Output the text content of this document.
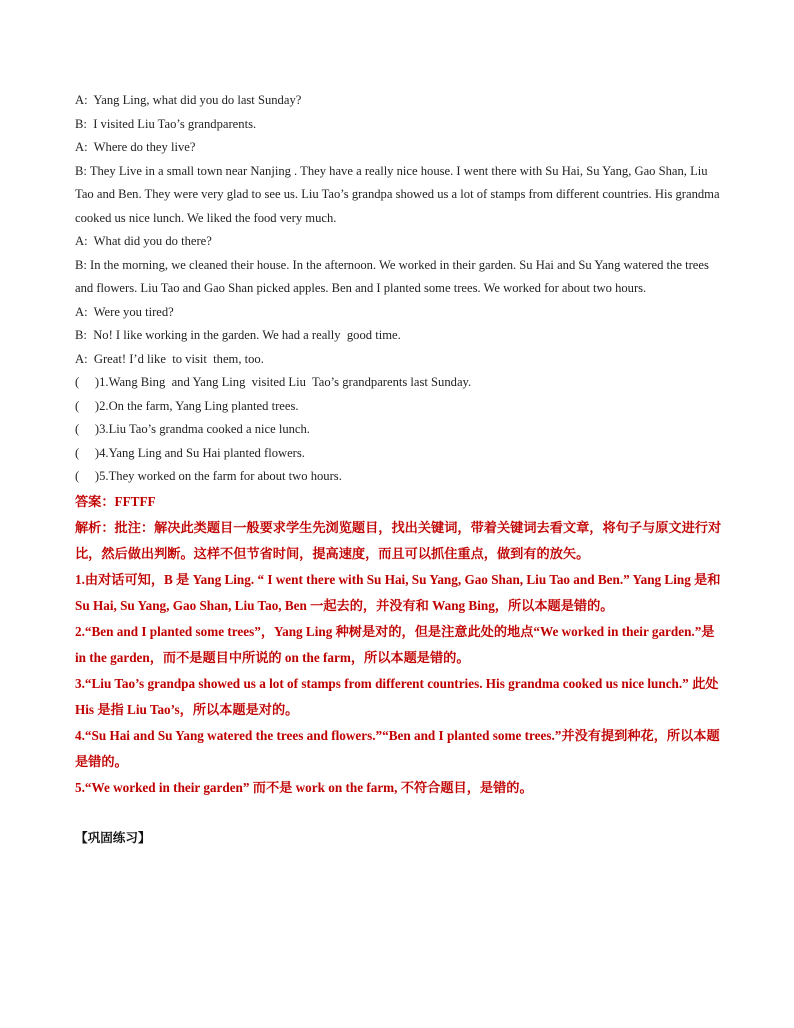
A:  Yang Ling, what did you do last Sunday?
B:  I visited Liu Tao’s grandparents.
A:  Where do they live?
B: They Live in a small town near Nanjing . They have a really nice house. I went there with Su Hai, Su Yang, Gao Shan, Liu Tao and Ben. They were very glad to see us. Liu Tao’s grandpa showed us a lot of stamps from different countries. His grandma cooked us nice lunch. We liked the food very much.
A:  What did you do there?
B: In the morning, we cleaned their house. In the afternoon. We worked in their garden. Su Hai and Su Yang watered the trees and flowers. Liu Tao and Gao Shan picked apples. Ben and I planted some trees. We worked for about two hours.
A:  Were you tired?
B:  No! I like working in the garden. We had a really  good time.
A:  Great! I’d like  to visit  them, too.
(     )1.Wang Bing  and Yang Ling  visited Liu  Tao’s grandparents last Sunday.
(     )2.On the farm, Yang Ling planted trees.
(     )3.Liu Tao’s grandma cooked a nice lunch.
(     )4.Yang Ling and Su Hai planted flowers.
(     )5.They worked on the farm for about two hours.
答案：FFTFF
解析：批注：解决此类题目一般要求学生先浏览题目，找出关键词，带着关键词去看文章，将句子与原文进行对比，然后做出判断。这样不但节省时间，提高速度，而且可以抓住重点，做到有的放矢。
1.由对话可知，B 是 Yang Ling. “ I went there with Su Hai, Su Yang, Gao Shan, Liu Tao and Ben.” Yang Ling 是和 Su Hai, Su Yang, Gao Shan, Liu Tao, Ben 一起去的，并没有和 Wang Bing，所以本题是错的。
2.“Ben and I planted some trees”，Yang Ling 种树是对的，但是注意此处的地点“We worked in their garden.”是 in the garden，而不是题目中所说的 on the farm，所以本题是错的。
3.“Liu Tao’s grandpa showed us a lot of stamps from different countries. His grandma cooked us nice lunch.” 此处 His 是指 Liu Tao’s，所以本题是对的。
4.“Su Hai and Su Yang watered the trees and flowers.”“Ben and I planted some trees.”并没有提到种花，所以本题是错的。
5.“We worked in their garden” 而不是 work on the farm, 不符合题目，是错的。
【巩固练习】
